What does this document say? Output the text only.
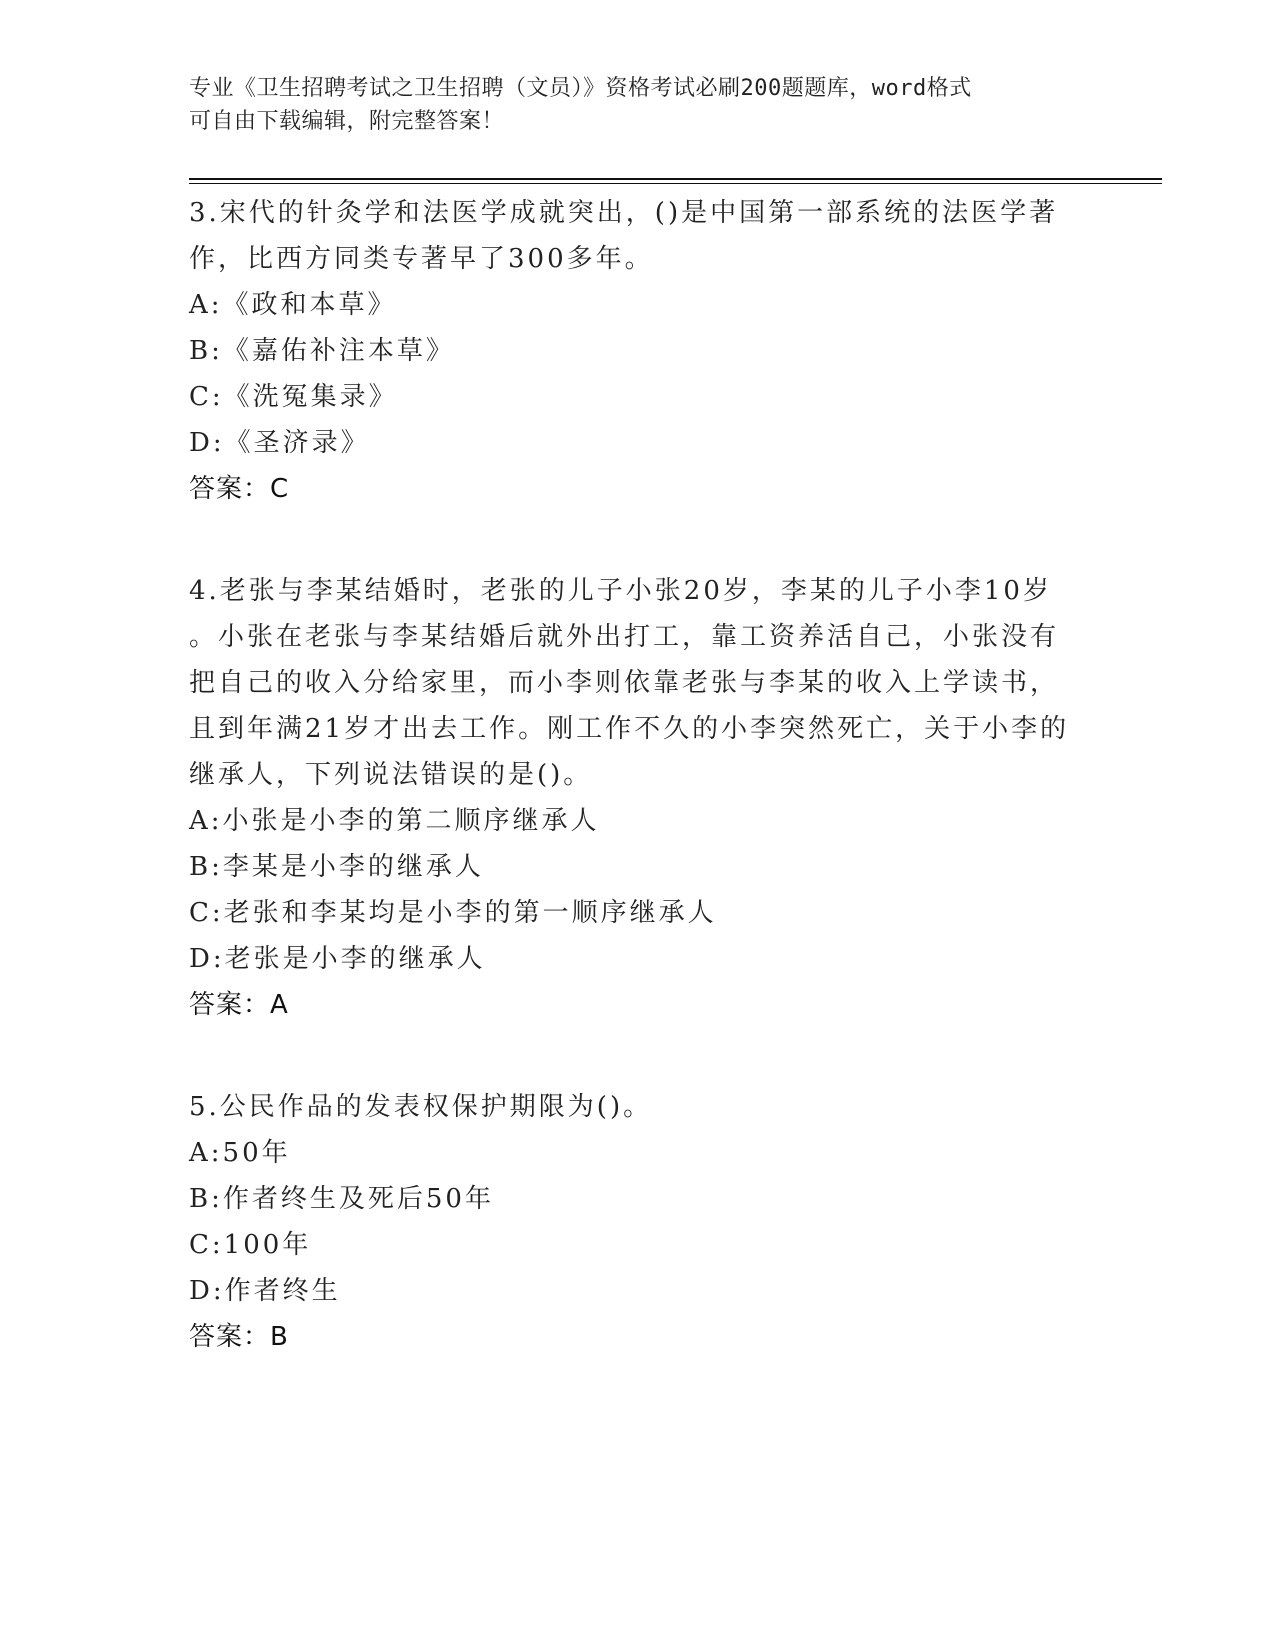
专业《卫生招聘考试之卫生招聘（文员）》资格考试必刷200题题库，word格式
可自由下载编辑，附完整答案！
3.宋代的针灸学和法医学成就突出，()是中国第一部系统的法医学著
作，比西方同类专著早了300多年。
A:《政和本草》
B:《嘉佑补注本草》
C:《洗冤集录》
D:《圣济录》
答案：C
4.老张与李某结婚时，老张的儿子小张20岁，李某的儿子小李10岁
。小张在老张与李某结婚后就外出打工，靠工资养活自己，小张没有
把自己的收入分给家里，而小李则依靠老张与李某的收入上学读书，
且到年满21岁才出去工作。刚工作不久的小李突然死亡，关于小李的
继承人，下列说法错误的是()。
A:小张是小李的第二顺序继承人
B:李某是小李的继承人
C:老张和李某均是小李的第一顺序继承人
D:老张是小李的继承人
答案：A
5.公民作品的发表权保护期限为()。
A:50年
B:作者终生及死后50年
C:100年
D:作者终生
答案：B
